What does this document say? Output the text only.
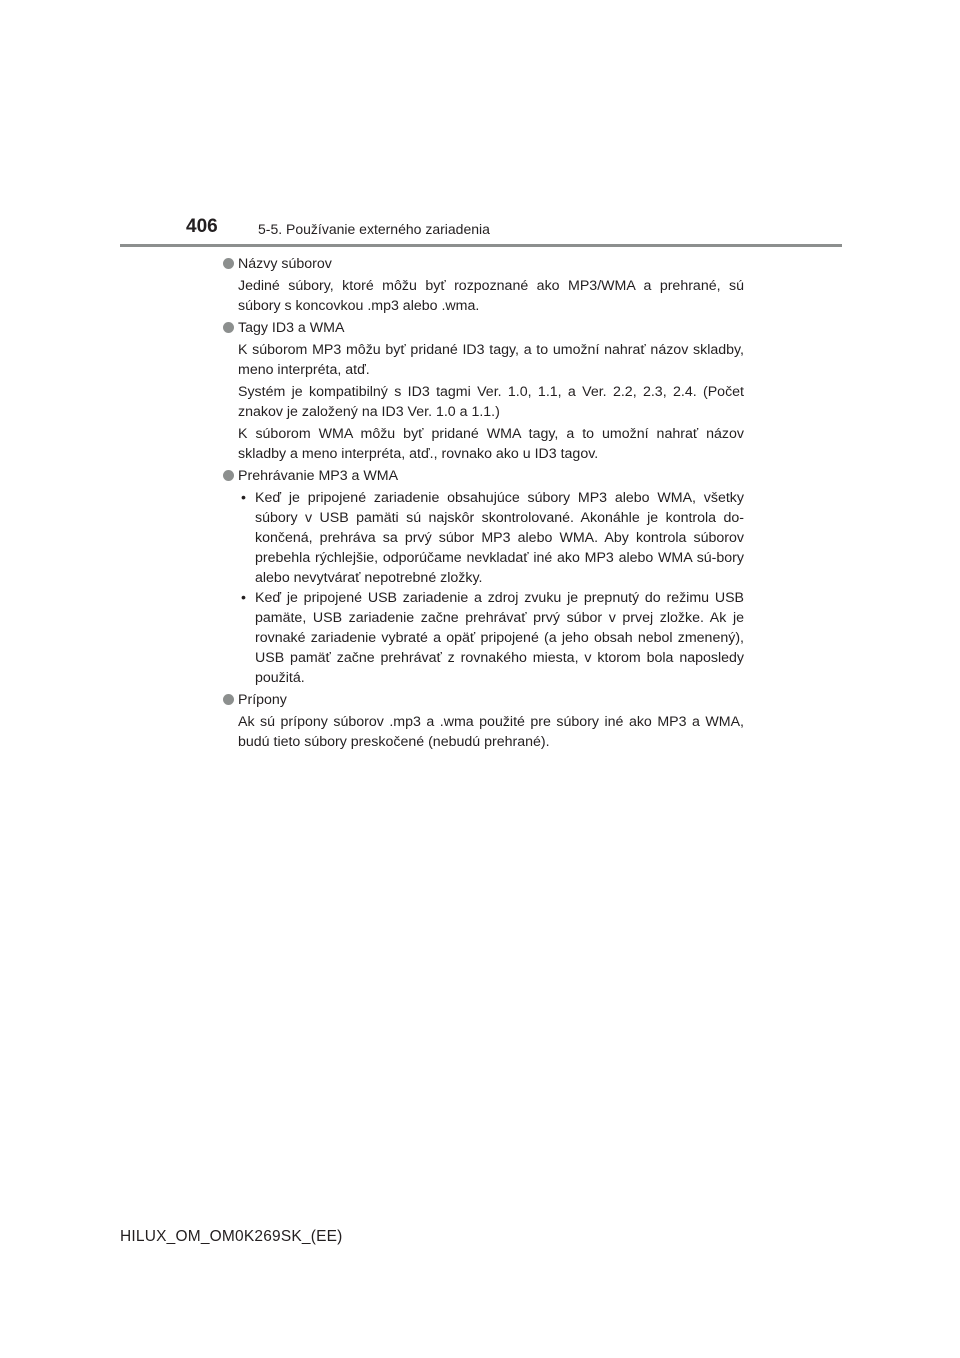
406	5-5. Používanie externého zariadenia
Názvy súborov

Jediné súbory, ktoré môžu byť rozpoznané ako MP3/WMA a prehrané, sú súbory s koncovkou .mp3 alebo .wma.

Tagy ID3 a WMA

K súborom MP3 môžu byť pridané ID3 tagy, a to umožní nahrať názov skladby, meno interpréta, atď.

Systém je kompatibilný s ID3 tagmi Ver. 1.0, 1.1, a Ver. 2.2, 2.3, 2.4. (Počet znakov je založený na ID3 Ver. 1.0 a 1.1.)

K súborom WMA môžu byť pridané WMA tagy, a to umožní nahrať názov skladby a meno interpréta, atď., rovnako ako u ID3 tagov.

Prehrávanie MP3 a WMA
• Keď je pripojené zariadenie obsahujúce súbory MP3 alebo WMA, všetky súbory v USB pamäti sú najskôr skontrolované. Akonáhle je kontrola do-končená, prehráva sa prvý súbor MP3 alebo WMA. Aby kontrola súborov prebehla rýchlejšie, odporúčame nevkladať iné ako MP3 alebo WMA sú-bory alebo nevytvárať nepotrebné zložky.
• Keď je pripojené USB zariadenie a zdroj zvuku je prepnutý do režimu USB pamäte, USB zariadenie začne prehrávať prvý súbor v prvej zložke. Ak je rovnaké zariadenie vybraté a opäť pripojené (a jeho obsah nebol zmenený), USB pamäť začne prehrávať z rovnakého miesta, v ktorom bola naposledy použitá.
Prípony

Ak sú prípony súborov .mp3 a .wma použité pre súbory iné ako MP3 a WMA, budú tieto súbory preskočené (nebudú prehrané).

HILUX_OM_OM0K269SK_(EE)
